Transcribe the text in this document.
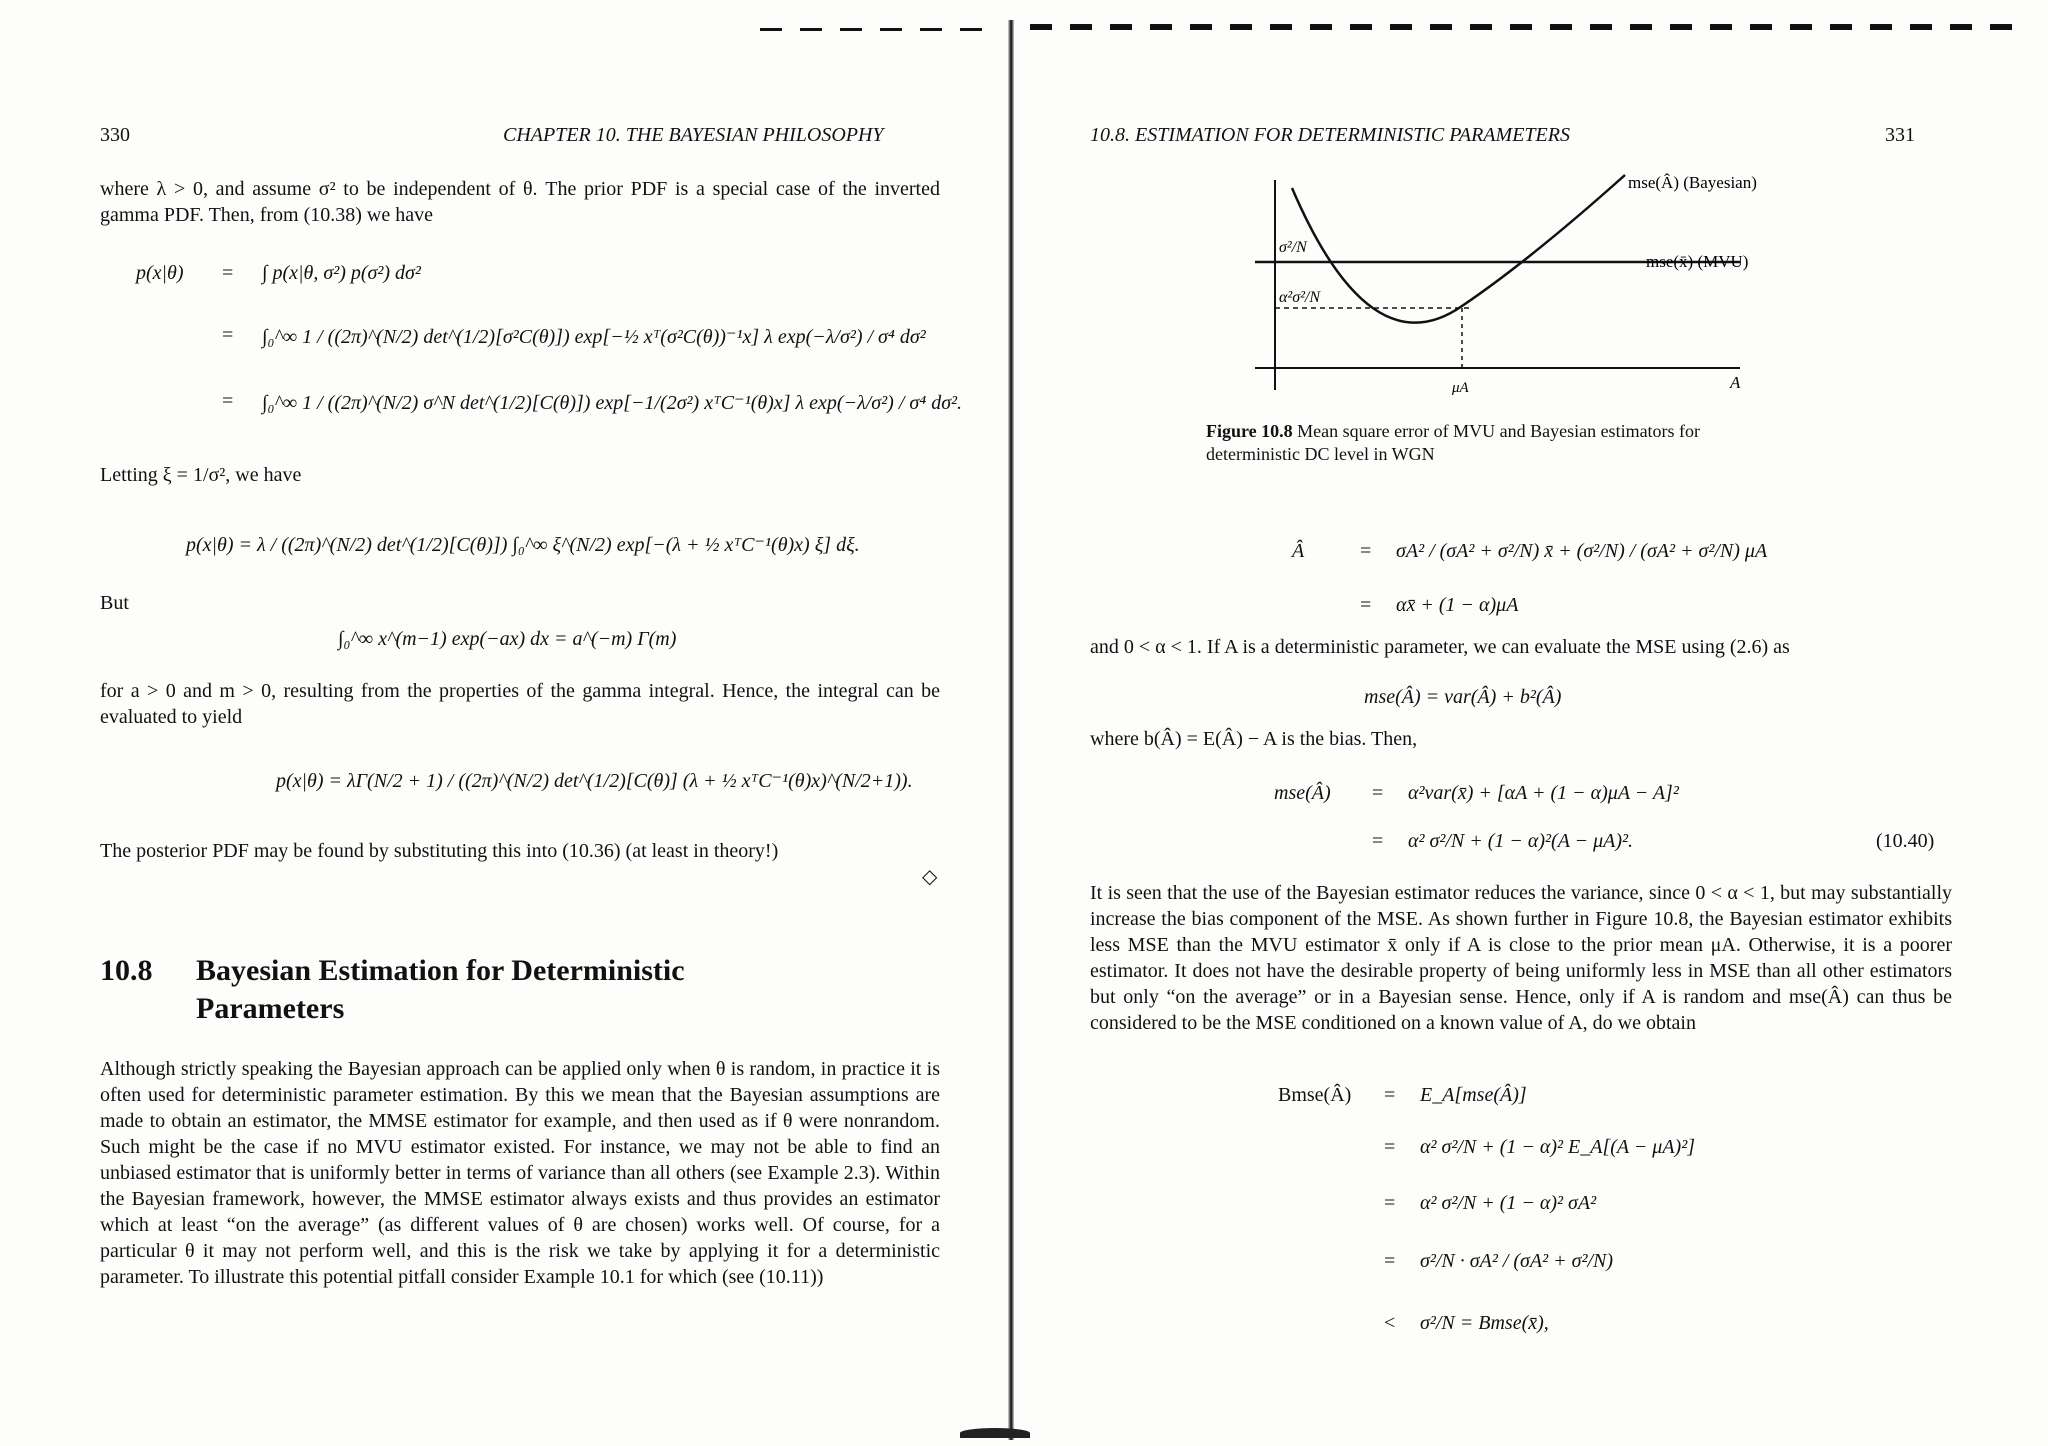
330	CHAPTER 10. THE BAYESIAN PHILOSOPHY

where λ > 0, and assume σ² to be independent of θ. The prior PDF is a special case of the inverted gamma PDF. Then, from (10.38) we have

p(x|θ) = ∫ p(x|θ, σ²) p(σ²) dσ²
= ∫₀^∞ 1 / ((2π)^(N/2) det^(1/2)[σ²C(θ)]) exp[−½ xᵀ(σ²C(θ))⁻¹x] λ exp(−λ/σ²) / σ⁴ dσ²
= ∫₀^∞ 1 / ((2π)^(N/2) σ^N det^(1/2)[C(θ)]) exp[−1/(2σ²) xᵀC⁻¹(θ)x] λ exp(−λ/σ²) / σ⁴ dσ².

Letting ξ = 1/σ², we have

p(x|θ) = λ / ((2π)^(N/2) det^(1/2)[C(θ)]) ∫₀^∞ ξ^(N/2) exp[−(λ + ½ xᵀC⁻¹(θ)x) ξ] dξ.

But

∫₀^∞ x^(m−1) exp(−ax) dx = a^(−m) Γ(m)

for a > 0 and m > 0, resulting from the properties of the gamma integral. Hence, the integral can be evaluated to yield

p(x|θ) = λΓ(N/2 + 1) / ((2π)^(N/2) det^(1/2)[C(θ)] (λ + ½ xᵀC⁻¹(θ)x)^(N/2+1)).

The posterior PDF may be found by substituting this into (10.36) (at least in theory!)

◇
10.8 Bayesian Estimation for Deterministic
Parameters

Although strictly speaking the Bayesian approach can be applied only when θ is random, in practice it is often used for deterministic parameter estimation. By this we mean that the Bayesian assumptions are made to obtain an estimator, the MMSE estimator for example, and then used as if θ were nonrandom. Such might be the case if no MVU estimator existed. For instance, we may not be able to find an unbiased estimator that is uniformly better in terms of variance than all others (see Example 2.3). Within the Bayesian framework, however, the MMSE estimator always exists and thus provides an estimator which at least “on the average” (as different values of θ are chosen) works well. Of course, for a particular θ it may not perform well, and this is the risk we take by applying it for a deterministic parameter. To illustrate this potential pitfall consider Example 10.1 for which (see (10.11))

10.8. ESTIMATION FOR DETERMINISTIC PARAMETERS	331
σ²/N
α²σ²/N
μA	A
mse(Â) (Bayesian)
mse(x̄) (MVU)
Figure 10.8 Mean square error of MVU and Bayesian estimators for deterministic DC level in WGN
Â	= σA² / (σA² + σ²/N) x̄ + (σ²/N) / (σA² + σ²/N) μA
= αx̄ + (1 − α)μA

and 0 < α < 1. If A is a deterministic parameter, we can evaluate the MSE using (2.6) as

mse(Â) = var(Â) + b²(Â)

where b(Â) = E(Â) − A is the bias. Then,

mse(Â) = α²var(x̄) + [αA + (1 − α)μA − A]²
= α² σ²/N + (1 − α)²(A − μA)².	(10.40)

It is seen that the use of the Bayesian estimator reduces the variance, since 0 < α < 1, but may substantially increase the bias component of the MSE. As shown further in Figure 10.8, the Bayesian estimator exhibits less MSE than the MVU estimator x̄ only if A is close to the prior mean μA. Otherwise, it is a poorer estimator. It does not have the desirable property of being uniformly less in MSE than all other estimators but only “on the average” or in a Bayesian sense. Hence, only if A is random and mse(Â) can thus be considered to be the MSE conditioned on a known value of A, do we obtain

Bmse(Â) = E_A[mse(Â)]
= α² σ²/N + (1 − α)² E_A[(A − μA)²]
= α² σ²/N + (1 − α)² σA²
= σ²/N · σA² / (σA² + σ²/N)
< σ²/N = Bmse(x̄),
